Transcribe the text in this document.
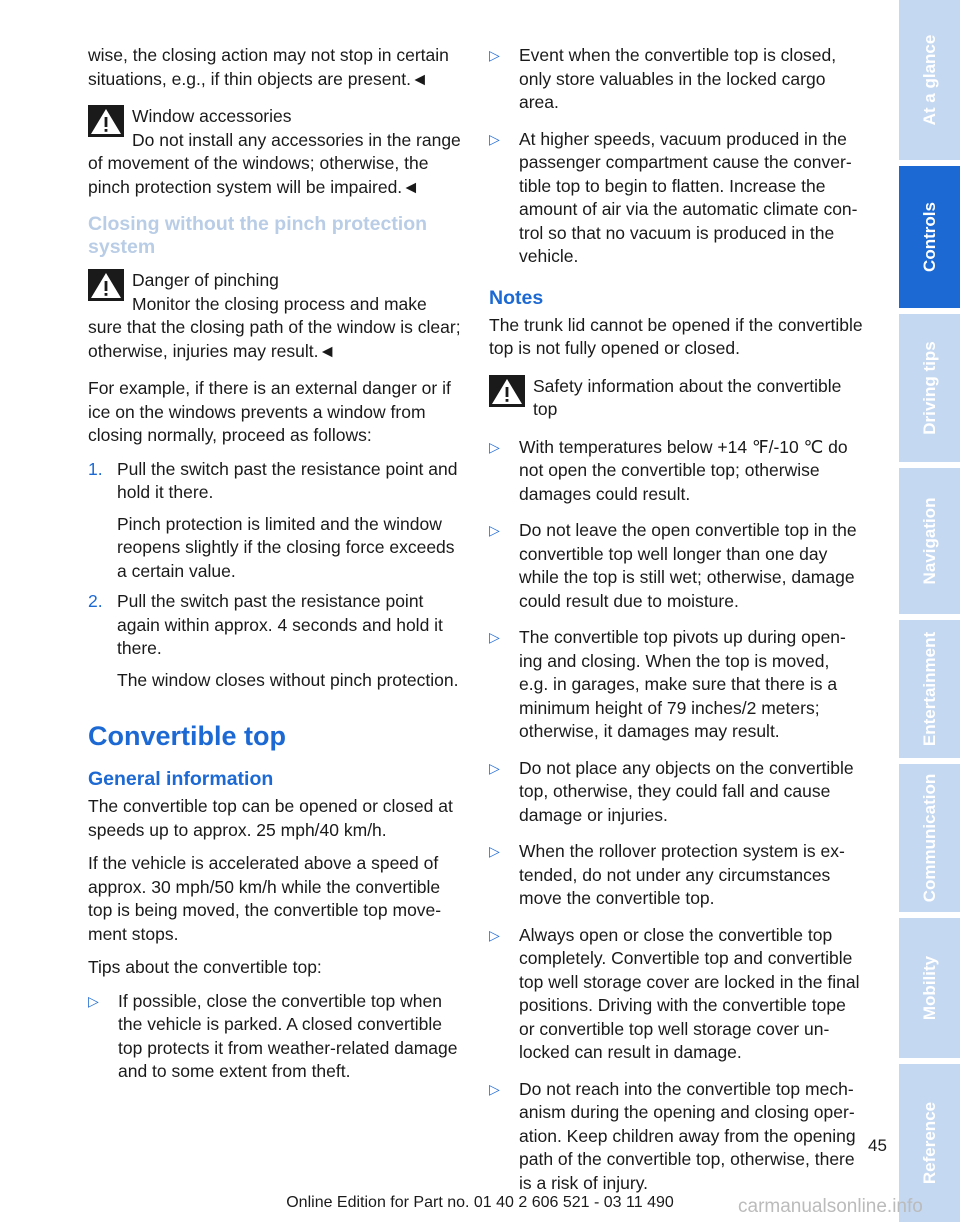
wise, the closing action may not stop in certain situations, e.g., if thin objects are present.◄

Window accessories
Do not install any accessories in the range
of movement of the windows; otherwise, the pinch protection system will be impaired.◄
Closing without the pinch protection system
Danger of pinching
Monitor the closing process and make
sure that the closing path of the window is clear; otherwise, injuries may result.◄

For example, if there is an external danger or if ice on the windows prevents a window from closing normally, proceed as follows:

1. Pull the switch past the resistance point and hold it there.
Pinch protection is limited and the window reopens slightly if the closing force exceeds a certain value.
2. Pull the switch past the resistance point again within approx. 4 seconds and hold it there.
The window closes without pinch protection.
Convertible top
General information

The convertible top can be opened or closed at speeds up to approx. 25 mph/40 km/h.

If the vehicle is accelerated above a speed of approx. 30 mph/50 km/h while the convertible top is being moved, the convertible top movement stops.

Tips about the convertible top:

▷ If possible, close the convertible top when the vehicle is parked. A closed convertible top protects it from weather-related damage and to some extent from theft.
▷ Event when the convertible top is closed, only store valuables in the locked cargo area.
▷ At higher speeds, vacuum produced in the passenger compartment cause the convertible top to begin to flatten. Increase the amount of air via the automatic climate control so that no vacuum is produced in the vehicle.
Notes

The trunk lid cannot be opened if the convertible top is not fully opened or closed.

Safety information about the convertible
top
▷ With temperatures below +14 ℉/-10 ℃ do not open the convertible top; otherwise damages could result.
▷ Do not leave the open convertible top in the convertible top well longer than one day while the top is still wet; otherwise, damage could result due to moisture.
▷ The convertible top pivots up during opening and closing. When the top is moved, e.g. in garages, make sure that there is a minimum height of 79 inches/2 meters; otherwise, it damages may result.
▷ Do not place any objects on the convertible top, otherwise, they could fall and cause damage or injuries.
▷ When the rollover protection system is extended, do not under any circumstances move the convertible top.
▷ Always open or close the convertible top completely. Convertible top and convertible top well storage cover are locked in the final positions. Driving with the convertible tope or convertible top well storage cover unlocked can result in damage.
▷ Do not reach into the convertible top mechanism during the opening and closing operation. Keep children away from the opening path of the convertible top, otherwise, there is a risk of injury.
At a glance
Controls
Driving tips
Navigation
Entertainment
Communication
Mobility
Reference
45
Online Edition for Part no. 01 40 2 606 521 - 03 11 490	carmanualsonline.info
